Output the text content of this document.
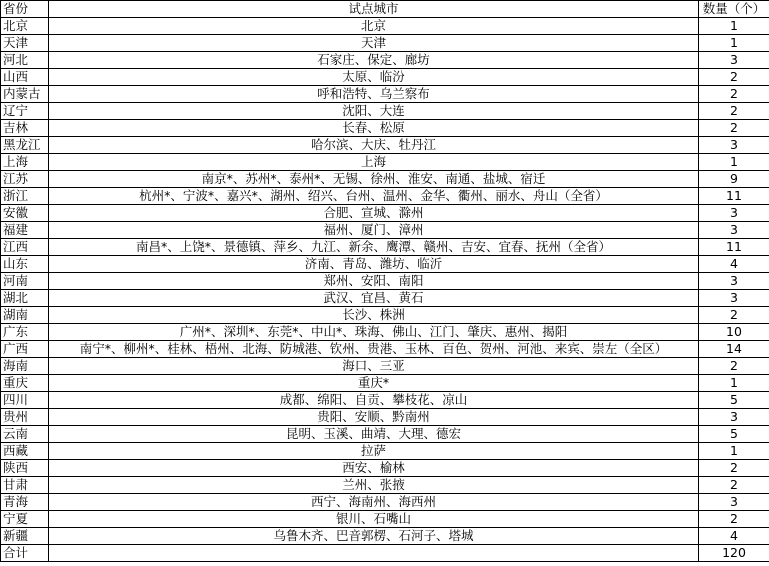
省份	试点城市	数量（个）
北京	北京	1
天津	天津	1
河北	石家庄、保定、廊坊	3
山西	太原、临汾	2
内蒙古	呼和浩特、乌兰察布	2
辽宁	沈阳、大连	2
吉林	长春、松原	2
黑龙江	哈尔滨、大庆、牡丹江	3
上海	上海	1
江苏	南京*、苏州*、泰州*、无锡、徐州、淮安、南通、盐城、宿迁	9
浙江	杭州*、宁波*、嘉兴*、湖州、绍兴、台州、温州、金华、衢州、丽水、舟山（全省）	11
安徽	合肥、宣城、滁州	3
福建	福州、厦门、漳州	3
江西	南昌*、上饶*、景德镇、萍乡、九江、新余、鹰潭、赣州、吉安、宜春、抚州（全省）	11
山东	济南、青岛、潍坊、临沂	4
河南	郑州、安阳、南阳	3
湖北	武汉、宜昌、黄石	3
湖南	长沙、株洲	2
广东	广州*、深圳*、东莞*、中山*、珠海、佛山、江门、肇庆、惠州、揭阳	10
广西	南宁*、柳州*、桂林、梧州、北海、防城港、钦州、贵港、玉林、百色、贺州、河池、来宾、崇左（全区）	14
海南	海口、三亚	2
重庆	重庆*	1
四川	成都、绵阳、自贡、攀枝花、凉山	5
贵州	贵阳、安顺、黔南州	3
云南	昆明、玉溪、曲靖、大理、德宏	5
西藏	拉萨	1
陕西	西安、榆林	2
甘肃	兰州、张掖	2
青海	西宁、海南州、海西州	3
宁夏	银川、石嘴山	2
新疆	乌鲁木齐、巴音郭楞、石河子、塔城	4
合计		120
